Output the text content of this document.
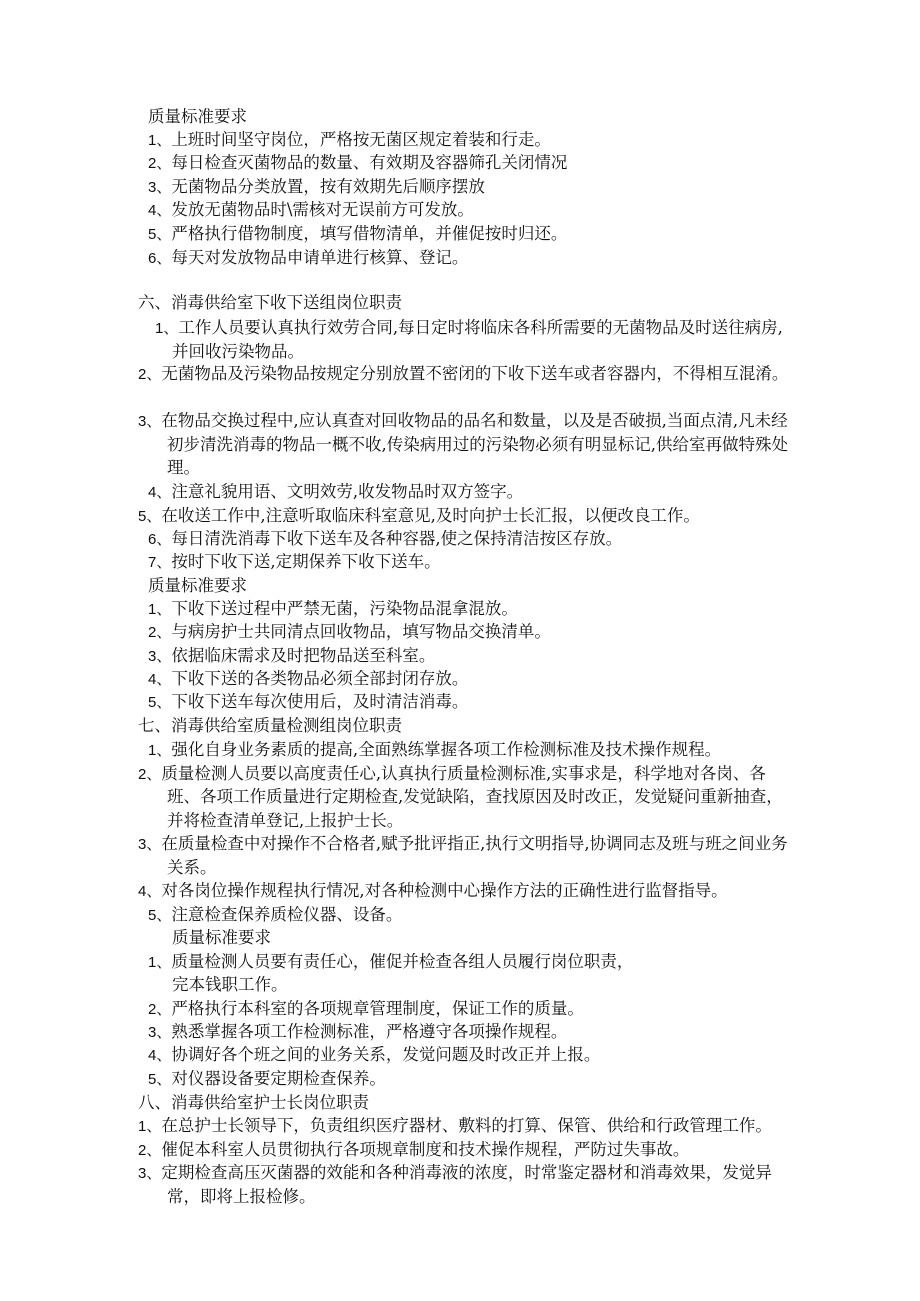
质量标准要求
1、上班时间坚守岗位，严格按无菌区规定着装和行走。
2、每日检查灭菌物品的数量、有效期及容器筛孔关闭情况
3、无菌物品分类放置，按有效期先后顺序摆放
4、发放无菌物品时\需核对无误前方可发放。
5、严格执行借物制度，填写借物清单，并催促按时归还。
6、每天对发放物品申请单进行核算、登记。
六、消毒供给室下收下送组岗位职责
1、工作人员要认真执行效劳合同,每日定时将临床各科所需要的无菌物品及时送往病房,
并回收污染物品。
2、无菌物品及污染物品按规定分别放置不密闭的下收下送车或者容器内，不得相互混淆。
3、在物品交换过程中,应认真查对回收物品的品名和数量，以及是否破损,当面点清,凡未经
初步清洗消毒的物品一概不收,传染病用过的污染物必须有明显标记,供给室再做特殊处
理。
4、注意礼貌用语、文明效劳,收发物品时双方签字。
5、在收送工作中,注意听取临床科室意见,及时向护士长汇报，以便改良工作。
6、每日清洗消毒下收下送车及各种容器,使之保持清洁按区存放。
7、按时下收下送,定期保养下收下送车。
质量标准要求
1、下收下送过程中严禁无菌，污染物品混拿混放。
2、与病房护士共同清点回收物品，填写物品交换清单。
3、依据临床需求及时把物品送至科室。
4、下收下送的各类物品必须全部封闭存放。
5、下收下送车每次使用后，及时清洁消毒。
七、消毒供给室质量检测组岗位职责
1、强化自身业务素质的提高,全面熟练掌握各项工作检测标准及技术操作规程。
2、质量检测人员要以高度责任心,认真执行质量检测标准,实事求是，科学地对各岗、各
班、各项工作质量进行定期检查,发觉缺陷，查找原因及时改正，发觉疑问重新抽查，
并将检查清单登记,上报护士长。
3、在质量检查中对操作不合格者,赋予批评指正,执行文明指导,协调同志及班与班之间业务
关系。
4、对各岗位操作规程执行情况,对各种检测中心操作方法的正确性进行监督指导。
5、注意检查保养质检仪器、设备。
质量标准要求
1、质量检测人员要有责任心，催促并检查各组人员履行岗位职责，
完本钱职工作。
2、严格执行本科室的各项规章管理制度，保证工作的质量。
3、熟悉掌握各项工作检测标准，严格遵守各项操作规程。
4、协调好各个班之间的业务关系，发觉问题及时改正并上报。
5、对仪器设备要定期检查保养。
八、消毒供给室护士长岗位职责
1、在总护士长领导下，负责组织医疗器材、敷料的打算、保管、供给和行政管理工作。
2、催促本科室人员贯彻执行各项规章制度和技术操作规程，严防过失事故。
3、定期检查高压灭菌器的效能和各种消毒液的浓度，时常鉴定器材和消毒效果，发觉异
常，即将上报检修。
